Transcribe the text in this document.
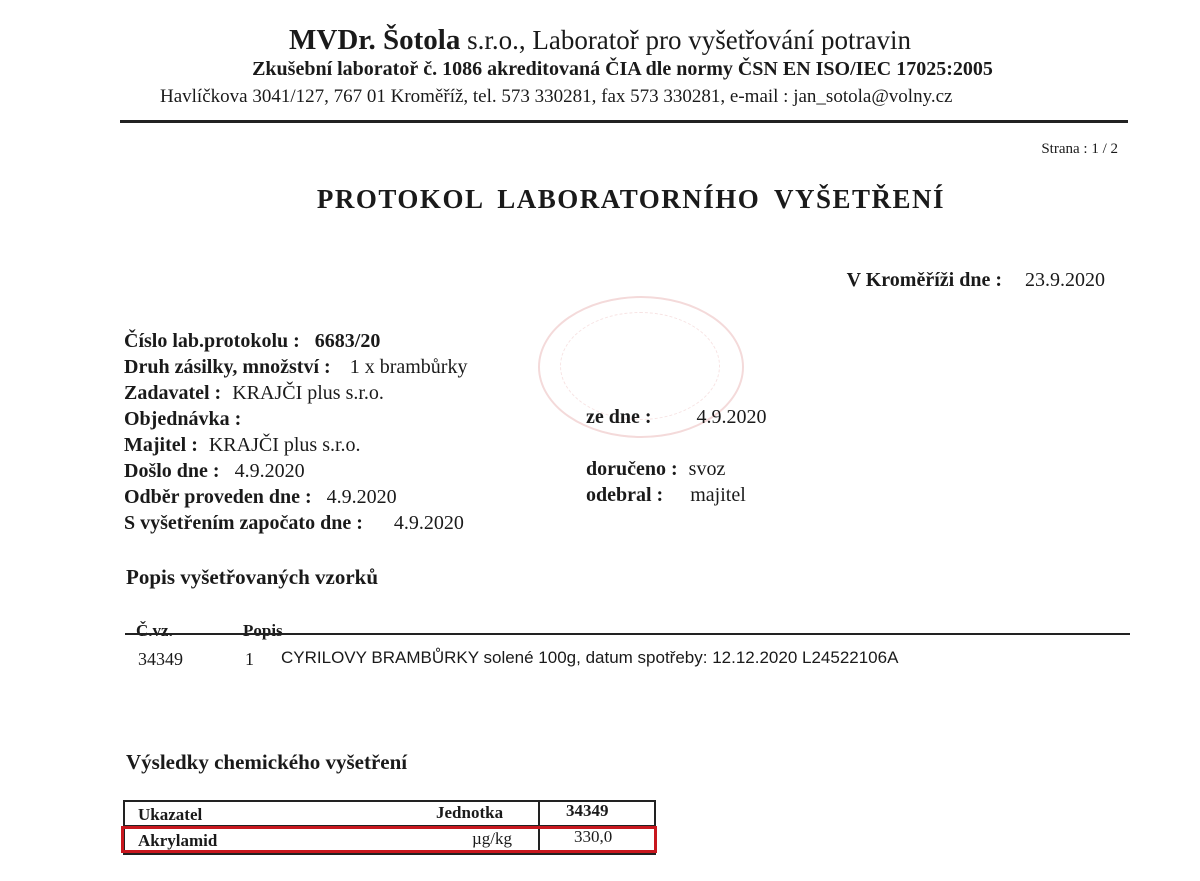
MVDr. Šotola s.r.o., Laboratoř pro vyšetřování potravin
Zkušební laboratoř č. 1086 akreditovaná ČIA dle normy ČSN EN ISO/IEC 17025:2005
Havlíčkova 3041/127, 767 01 Kroměříž, tel. 573 330281, fax 573 330281, e-mail : jan_sotola@volny.cz
Strana : 1 / 2
PROTOKOL LABORATORNÍHO VYŠETŘENÍ
V Kroměříži dne : 23.9.2020
Číslo lab.protokolu : 6683/20
Druh zásilky, množství : 1 x brambůrky
Zadavatel : KRAJČI plus s.r.o.
Objednávka :	ze dne : 4.9.2020
Majitel : KRAJČI plus s.r.o.
Došlo dne : 4.9.2020	doručeno : svoz
Odběr proveden dne : 4.9.2020	odebral : majitel
S vyšetřením započato dne : 4.9.2020
Popis vyšetřovaných vzorků
Č.vz.	Popis
34349	1 CYRILOVY BRAMBŮRKY solené 100g, datum spotřeby: 12.12.2020 L24522106A
Výsledky chemického vyšetření
Ukazatel	Jednotka	34349
Akrylamid	µg/kg	330,0
